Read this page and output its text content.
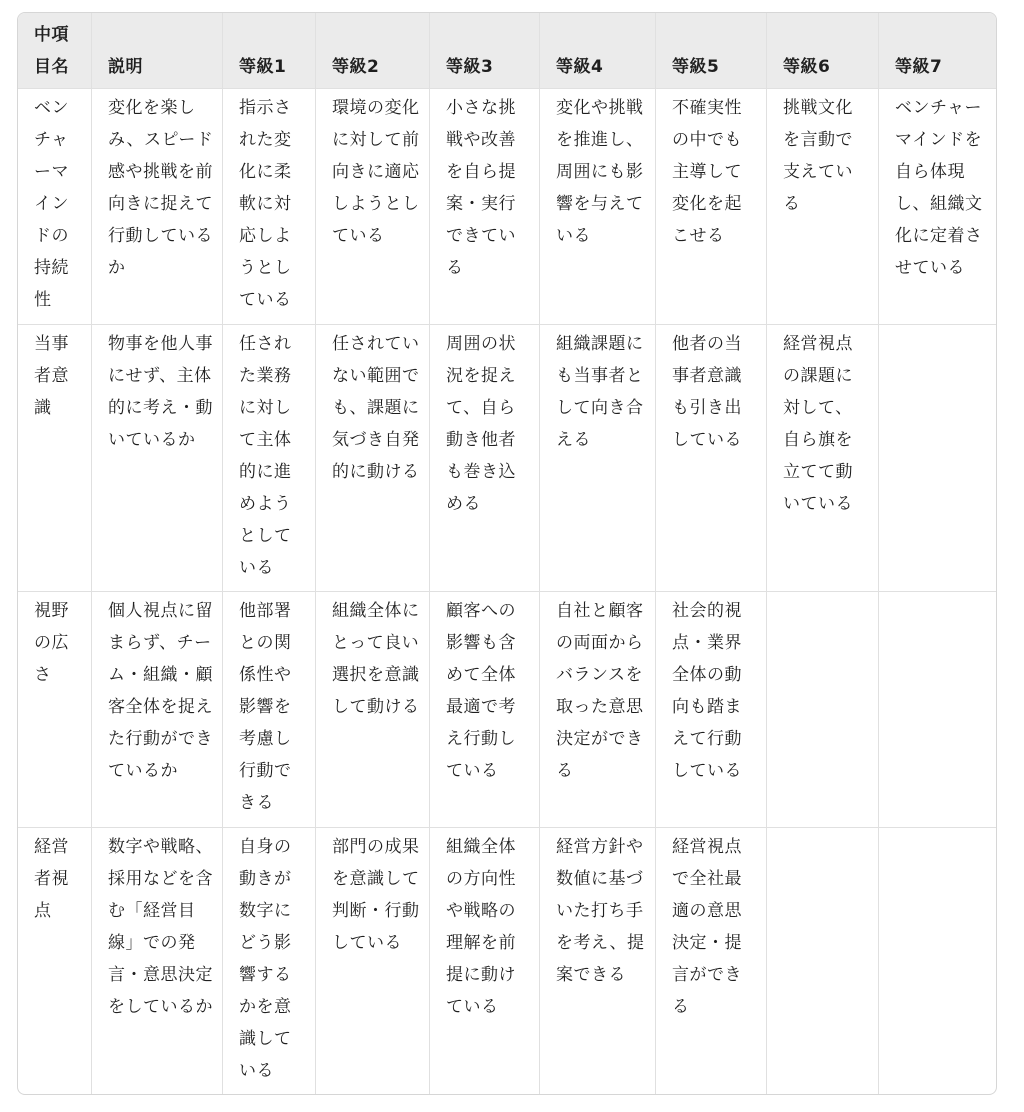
中項目名	説明	等級1	等級2	等級3	等級4	等級5	等級6	等級7
ベンチャーマインドの持続性	変化を楽しみ、スピード感や挑戦を前向きに捉えて行動しているか	指示された変化に柔軟に対応しようとしている	環境の変化に対して前向きに適応しようとしている	小さな挑戦や改善を自ら提案・実行できている	変化や挑戦を推進し、周囲にも影響を与えている	不確実性の中でも主導して変化を起こせる	挑戦文化を言動で支えている	ベンチャーマインドを自ら体現し、組織文化に定着させている
当事者意識	物事を他人事にせず、主体的に考え・動いているか	任された業務に対して主体的に進めようとしている	任されていない範囲でも、課題に気づき自発的に動ける	周囲の状況を捉えて、自ら動き他者も巻き込める	組織課題にも当事者として向き合える	他者の当事者意識も引き出している	経営視点の課題に対して、自ら旗を立てて動いている	
視野の広さ	個人視点に留まらず、チーム・組織・顧客全体を捉えた行動ができているか	他部署との関係性や影響を考慮し行動できる	組織全体にとって良い選択を意識して動ける	顧客への影響も含めて全体最適で考え行動している	自社と顧客の両面からバランスを取った意思決定ができる	社会的視点・業界全体の動向も踏まえて行動している		
経営者視点	数字や戦略、採用などを含む「経営目線」での発言・意思決定をしているか	自身の動きが数字にどう影響するかを意識している	部門の成果を意識して判断・行動している	組織全体の方向性や戦略の理解を前提に動けている	経営方針や数値に基づいた打ち手を考え、提案できる	経営視点で全社最適の意思決定・提言ができる		
